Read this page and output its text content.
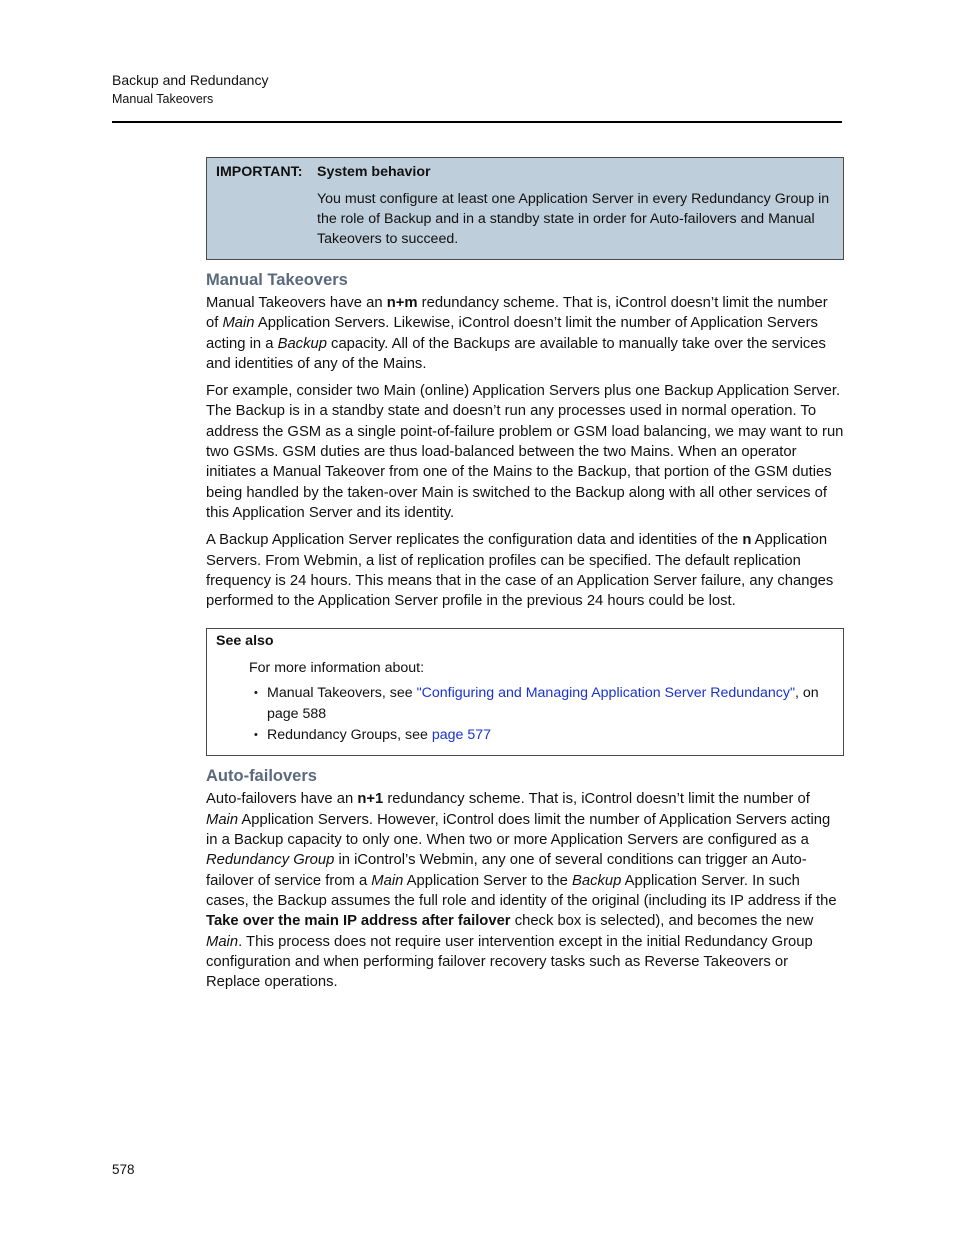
Backup and Redundancy
Manual Takeovers
IMPORTANT: System behavior
You must configure at least one Application Server in every Redundancy Group in the role of Backup and in a standby state in order for Auto-failovers and Manual Takeovers to succeed.
Manual Takeovers

Manual Takeovers have an n+m redundancy scheme. That is, iControl doesn’t limit the number of Main Application Servers. Likewise, iControl doesn’t limit the number of Application Servers acting in a Backup capacity. All of the Backups are available to manually take over the services and identities of any of the Mains.

For example, consider two Main (online) Application Servers plus one Backup Application Server. The Backup is in a standby state and doesn’t run any processes used in normal operation. To address the GSM as a single point-of-failure problem or GSM load balancing, we may want to run two GSMs. GSM duties are thus load-balanced between the two Mains. When an operator initiates a Manual Takeover from one of the Mains to the Backup, that portion of the GSM duties being handled by the taken-over Main is switched to the Backup along with all other services of this Application Server and its identity.

A Backup Application Server replicates the configuration data and identities of the n Application Servers. From Webmin, a list of replication profiles can be specified. The default replication frequency is 24 hours. This means that in the case of an Application Server failure, any changes performed to the Application Server profile in the previous 24 hours could be lost.

See also
For more information about:
• Manual Takeovers, see "Configuring and Managing Application Server Redundancy", on page 588
• Redundancy Groups, see page 577
Auto-failovers

Auto-failovers have an n+1 redundancy scheme. That is, iControl doesn’t limit the number of Main Application Servers. However, iControl does limit the number of Application Servers acting in a Backup capacity to only one. When two or more Application Servers are configured as a Redundancy Group in iControl’s Webmin, any one of several conditions can trigger an Auto-failover of service from a Main Application Server to the Backup Application Server. In such cases, the Backup assumes the full role and identity of the original (including its IP address if the Take over the main IP address after failover check box is selected), and becomes the new Main. This process does not require user intervention except in the initial Redundancy Group configuration and when performing failover recovery tasks such as Reverse Takeovers or Replace operations.

578
